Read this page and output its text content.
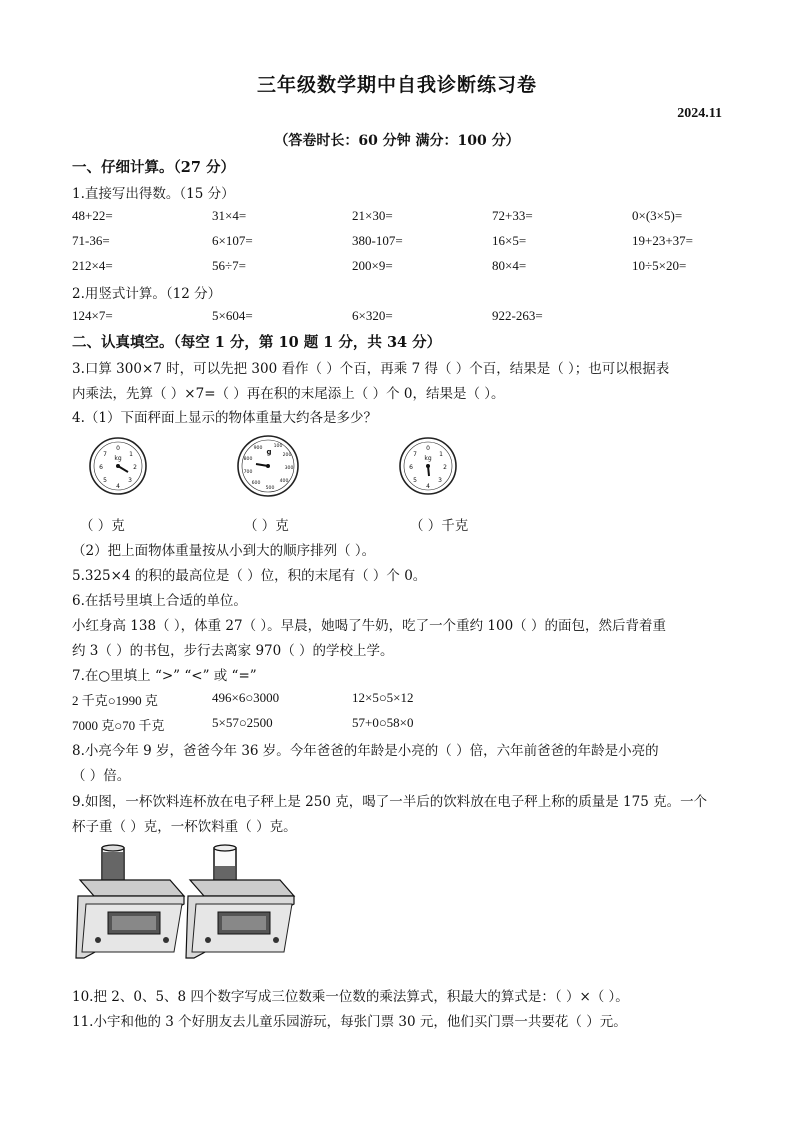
三年级数学期中自我诊断练习卷
2024.11
（答卷时长：60 分钟 满分：100 分）
一、仔细计算。（27 分）
1.直接写出得数。（15 分）
48+22=	31×4=	21×30=	72+33=	0×(3×5)=
71-36=	6×107=	380-107=	16×5=	19+23+37=
212×4=	56÷7=	200×9=	80×4=	10÷5×20=
2.用竖式计算。（12 分）
124×7=	5×604=	6×320=	922-263=
二、认真填空。（每空 1 分，第 10 题 1 分，共 34 分）
3.口算 300×7 时，可以先把 300 看作（ ）个百，再乘 7 得（ ）个百，结果是（ ）；也可以根据表
内乘法，先算（ ）×7=（ ）再在积的末尾添上（ ）个 0，结果是（ ）。
4.（1）下面秤面上显示的物体重量大约各是多少？
0
1
2
3
4
5
6
7
kg
100
200
300
400
500
600
700
800
900 g	0
1
2
3
4
5
6
7
kg
（ ）克	（ ）克	（ ）千克
（2）把上面物体重量按从小到大的顺序排列（ ）。
5.325×4 的积的最高位是（ ）位，积的末尾有（ ）个 0。
6.在括号里填上合适的单位。
小红身高 138（ ），体重 27（ ）。早晨，她喝了牛奶，吃了一个重约 100（ ）的面包，然后背着重
约 3（ ）的书包，步行去离家 970（ ）的学校上学。
7.在○里填上 “>” “<” 或 “=”
2 千克○1990 克	496×6○3000	12×5○5×12
7000 克○70 千克	5×57○2500	57+0○58×0
8.小亮今年 9 岁，爸爸今年 36 岁。今年爸爸的年龄是小亮的（ ）倍，六年前爸爸的年龄是小亮的
（ ）倍。
9.如图，一杯饮料连杯放在电子秤上是 250 克，喝了一半后的饮料放在电子秤上称的质量是 175 克。一个
杯子重（ ）克，一杯饮料重（ ）克。
10.把 2、0、5、8 四个数字写成三位数乘一位数的乘法算式，积最大的算式是：（ ）×（ ）。
11.小宇和他的 3 个好朋友去儿童乐园游玩，每张门票 30 元，他们买门票一共要花（ ）元。
